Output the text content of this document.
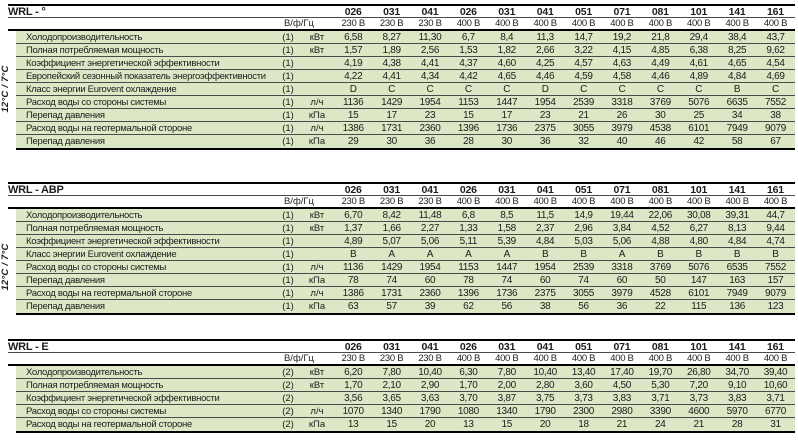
WRL - °	026	031	041	026	031	041	051	071	081	101	141	161
В/ф/Гц	230 В	230 В	230 В	400 В	400 В	400 В	400 В	400 В	400 В	400 В	400 В	400 В
Холодопроизводительность	(1)	кВт	6,58	8,27	11,30	6,7	8,4	11,3	14,7	19,2	21,8	29,4	38,4	43,7
Полная потребляемая мощность	(1)	кВт	1,57	1,89	2,56	1,53	1,82	2,66	3,22	4,15	4,85	6,38	8,25	9,62
Коэффициент энергетической эффективности	(1)	4,19	4,38	4,41	4,37	4,60	4,25	4,57	4,63	4,49	4,61	4,65	4,54
Европейский сезонный показатель энергоэффективности	(1)	4,22	4,41	4,34	4,42	4,65	4,46	4,59	4,58	4,46	4,89	4,84	4,69
Класс энергии Eurovent охлаждение	(1)	D	C	C	C	C	D	C	C	C	C	B	C
Расход воды со стороны системы	(1)	л/ч	1136	1429	1954	1153	1447	1954	2539	3318	3769	5076	6635	7552
Перепад давления	(1)	кПа	15	17	23	15	17	23	21	26	30	25	34	38
Расход воды на геотермальной стороне	(1)	л/ч	1386	1731	2360	1396	1736	2375	3055	3979	4538	6101	7949	9079
Перепад давления	(1)	кПа	29	30	36	28	30	36	32	40	46	42	58	67
12°C / 7°C
WRL - ABP	026	031	041	026	031	041	051	071	081	101	141	161
В/ф/Гц	230 В	230 В	230 В	400 В	400 В	400 В	400 В	400 В	400 В	400 В	400 В	400 В
Холодопроизводительность	(1)	кВт	6,70	8,42	11,48	6,8	8,5	11,5	14,9	19,44	22,06	30,08	39,31	44,7
Полная потребляемая мощность	(1)	кВт	1,37	1,66	2,27	1,33	1,58	2,37	2,96	3,84	4,52	6,27	8,13	9,44
Коэффициент энергетической эффективности	(1)	4,89	5,07	5,06	5,11	5,39	4,84	5,03	5,06	4,88	4,80	4,84	4,74
Класс энергии Eurovent охлаждение	(1)	B	A	A	A	A	B	B	A	B	B	B	B
Расход воды со стороны системы	(1)	л/ч	1136	1429	1954	1153	1447	1954	2539	3318	3769	5076	6535	7552
Перепад давления	(1)	кПа	78	74	60	78	74	60	74	60	50	147	163	157
Расход воды на геотермальной стороне	(1)	л/ч	1386	1731	2360	1396	1736	2375	3055	3979	4528	6101	7949	9079
Перепад давления	(1)	кПа	63	57	39	62	56	38	56	36	22	115	136	123
12°C / 7°C
WRL - E	026	031	041	026	031	041	051	071	081	101	141	161
В/ф/Гц	230 В	230 В	230 В	400 В	400 В	400 В	400 В	400 В	400 В	400 В	400 В	400 В
Холодопроизводительность	(2)	кВт	6,20	7,80	10,40	6,30	7,80	10,40	13,40	17,40	19,70	26,80	34,70	39,40
Полная потребляемая мощность	(2)	кВт	1,70	2,10	2,90	1,70	2,00	2,80	3,60	4,50	5,30	7,20	9,10	10,60
Коэффициент энергетической эффективности	(2)	3,56	3,65	3,63	3,70	3,87	3,75	3,73	3,83	3,71	3,73	3,83	3,71
Расход воды со стороны системы	(2)	л/ч	1070	1340	1790	1080	1340	1790	2300	2980	3390	4600	5970	6770
Расход воды на геотермальной стороне	(2)	кПа	13	15	20	13	15	20	18	21	24	21	28	31
